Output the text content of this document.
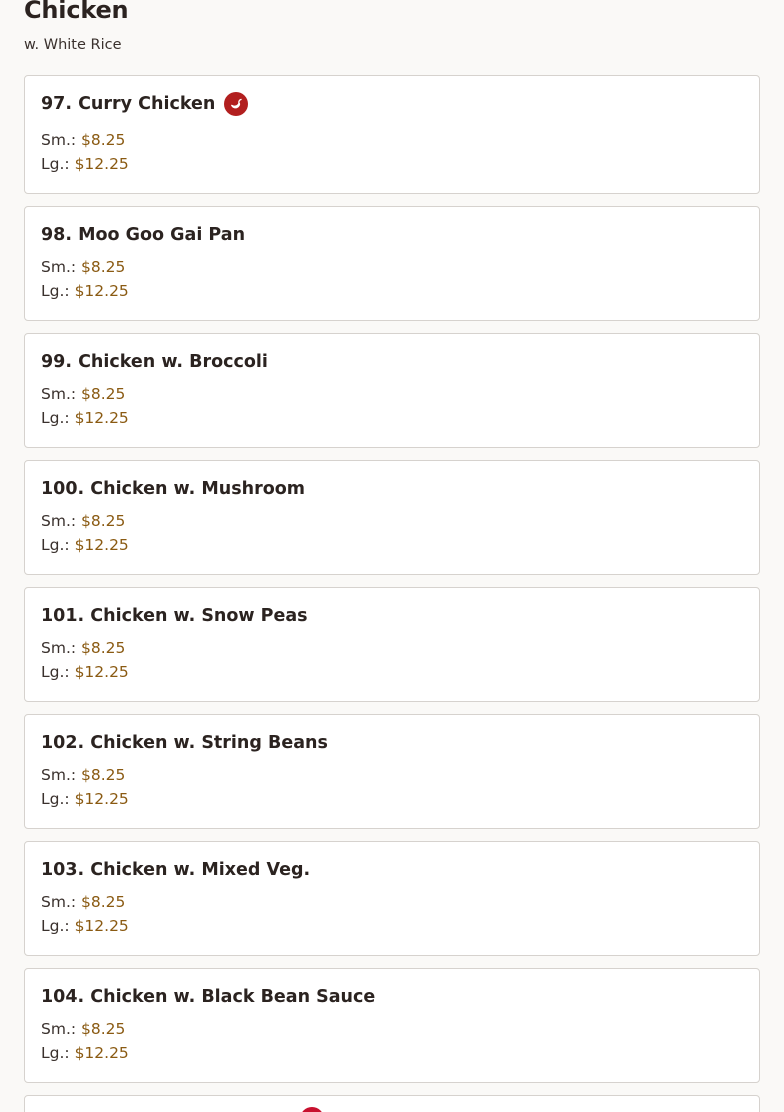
Chicken
w. White Rice
97. Curry Chicken
Sm.: $8.25
Lg.: $12.25
98. Moo Goo Gai Pan
Sm.: $8.25
Lg.: $12.25
99. Chicken w. Broccoli
Sm.: $8.25
Lg.: $12.25
100. Chicken w. Mushroom
Sm.: $8.25
Lg.: $12.25
101. Chicken w. Snow Peas
Sm.: $8.25
Lg.: $12.25
102. Chicken w. String Beans
Sm.: $8.25
Lg.: $12.25
103. Chicken w. Mixed Veg.
Sm.: $8.25
Lg.: $12.25
104. Chicken w. Black Bean Sauce
Sm.: $8.25
Lg.: $12.25
